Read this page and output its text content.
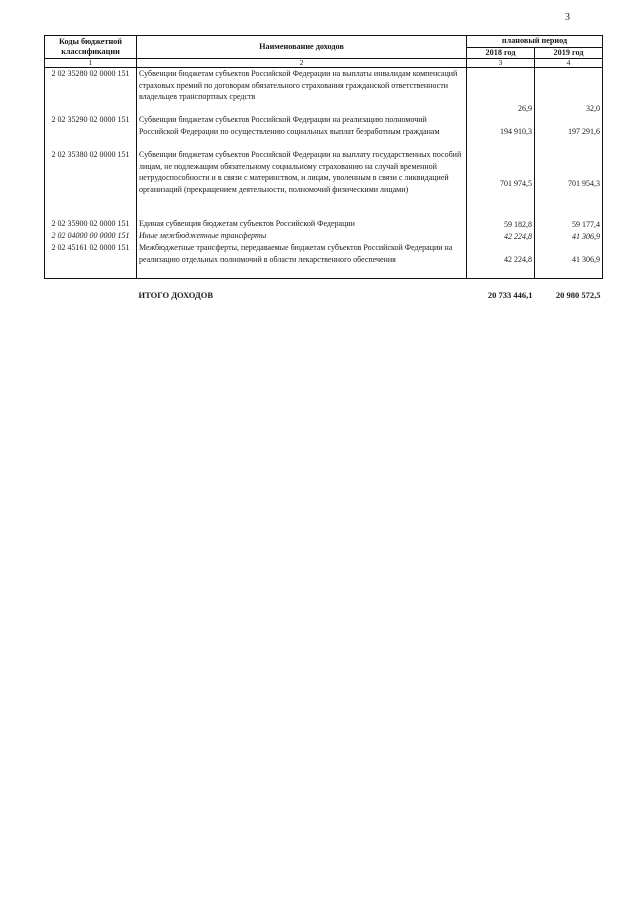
3
Коды бюджетной классификации	Наименование доходов	плановый период	
		2018 год	2019 год
1	2	3	4
2 02 35280 02 0000 151	Субвенции бюджетам субъектов Российской Федерации на выплаты инвалидам компенсаций страховых премий по договорам обязательного страхования гражданской ответственности владельцев транспортных средств	26,9	32,0
2 02 35290 02 0000 151	Субвенции бюджетам субъектов Российской Федерации на реализацию полномочий Российской Федерации по осуществлению социальных выплат безработным гражданам	194 910,3	197 291,6
2 02 35380 02 0000 151	Субвенции бюджетам субъектов Российской Федерации на выплату государственных пособий лицам, не подлежащим обязательному социальному страхованию на случай временной нетрудоспособности и в связи с материнством, и лицам, уволенным в связи с ликвидацией организаций (прекращением деятельности, полномочий физическими лицами)	701 974,5	701 954,3
2 02 35900 02 0000 151	Единая субвенция бюджетам субъектов Российской Федерации	59 182,8	59 177,4
2 02 04000 00 0000 151	Иные межбюджетные трансферты	42 224,8	41 306,9
2 02 45161 02 0000 151	Межбюджетные трансферты, передаваемые бюджетам субъектов Российской Федерации на реализацию отдельных полномочий в области лекарственного обеспечения	42 224,8	41 306,9
	ИТОГО ДОХОДОВ	20 733 446,1	20 980 572,5
